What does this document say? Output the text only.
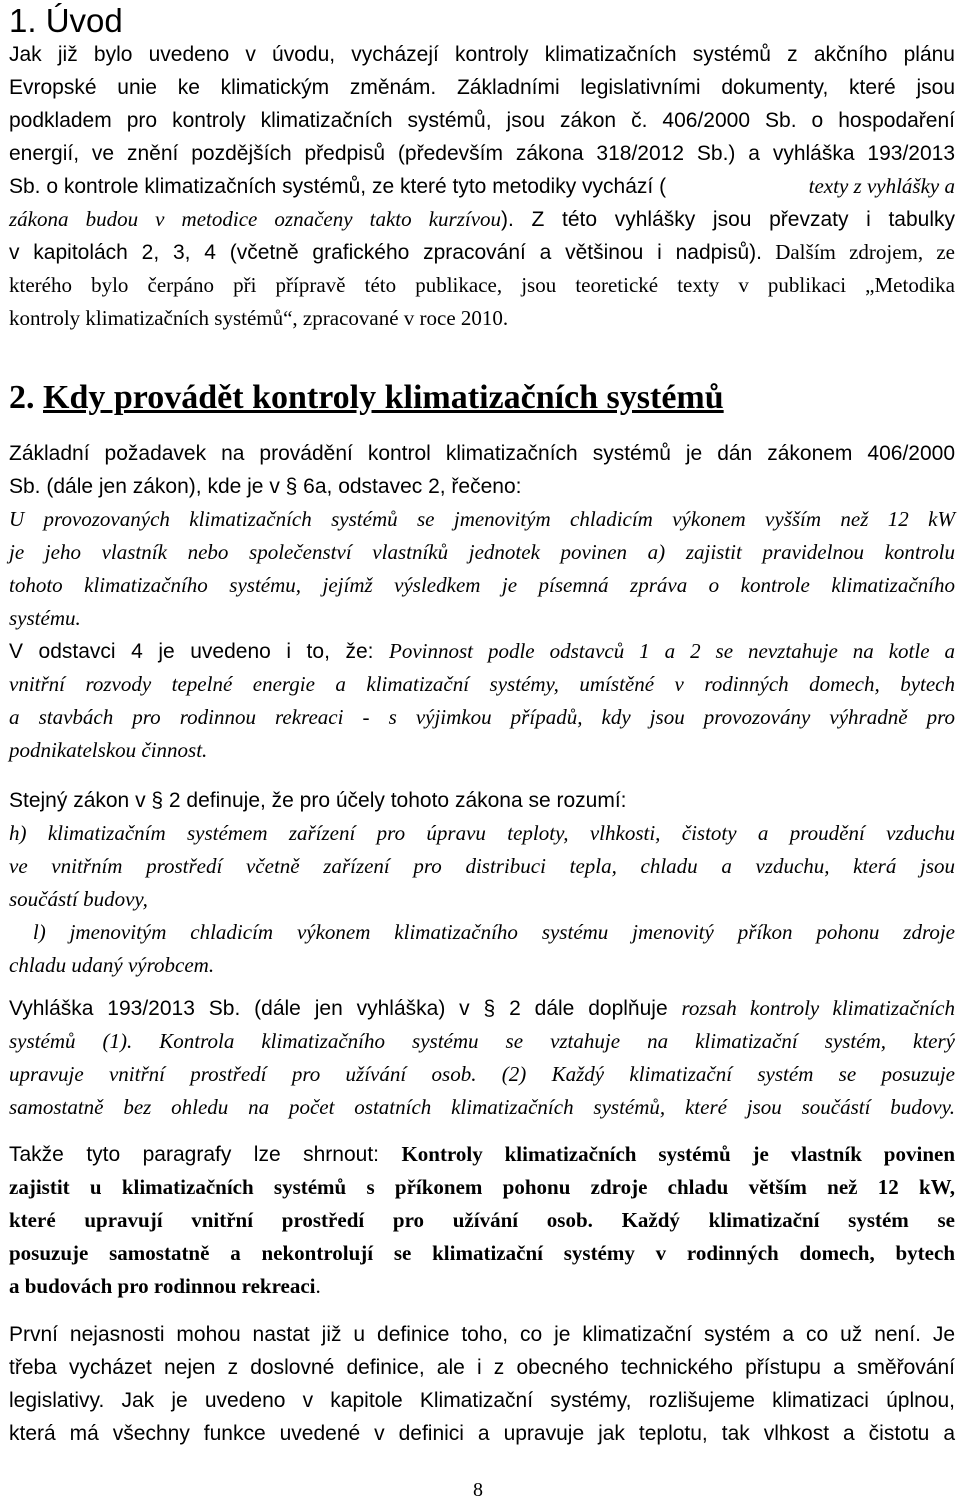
1. Úvod
Jak již bylo uvedeno v úvodu, vycházejí kontroly klimatizačních systémů z akčního plánu
Evropské unie ke klimatickým změnám. Základními legislativními dokumenty, které jsou
podkladem pro kontroly klimatizačních systémů, jsou zákon č. 406/2000 Sb. o hospodaření
energií, ve znění pozdějších předpisů (především zákona 318/2012 Sb.) a vyhláška 193/2013
Sb. o kontrole klimatizačních systémů, ze které tyto metodiky vychází (	texty z vyhlášky a
zákona budou v metodice označeny takto kurzívou). Z této vyhlášky jsou převzaty i tabulky
v kapitolách 2, 3, 4 (včetně grafického zpracování a většinou i nadpisů). Dalším zdrojem, ze
kterého bylo čerpáno při přípravě této publikace, jsou teoretické texty v publikaci „Metodika
kontroly klimatizačních systémů“, zpracované v roce 2010.
2. Kdy provádět kontroly klimatizačních systémů
Základní požadavek na provádění kontrol klimatizačních systémů je dán zákonem 406/2000
Sb. (dále jen zákon), kde je v § 6a, odstavec 2, řečeno:
U provozovaných klimatizačních systémů se jmenovitým chladicím výkonem vyšším než 12 kW
je jeho vlastník nebo společenství vlastníků jednotek povinen a) zajistit pravidelnou kontrolu
tohoto klimatizačního systému, jejímž výsledkem je písemná zpráva o kontrole klimatizačního
systému.
V odstavci 4 je uvedeno i to, že: Povinnost podle odstavců 1 a 2 se nevztahuje na kotle a
vnitřní rozvody tepelné energie a klimatizační systémy, umístěné v rodinných domech, bytech
a stavbách pro rodinnou rekreaci - s výjimkou případů, kdy jsou provozovány výhradně pro
podnikatelskou činnost.
Stejný zákon v § 2 definuje, že pro účely tohoto zákona se rozumí:
h) klimatizačním systémem zařízení pro úpravu teploty, vlhkosti, čistoty a proudění vzduchu
ve vnitřním prostředí včetně zařízení pro distribuci tepla, chladu a vzduchu, která jsou
součástí budovy,
l) jmenovitým chladicím výkonem klimatizačního systému jmenovitý příkon pohonu zdroje
chladu udaný výrobcem.
Vyhláška 193/2013 Sb. (dále jen vyhláška) v § 2 dále doplňuje rozsah kontroly klimatizačních
systémů (1). Kontrola klimatizačního systému se vztahuje na klimatizační systém, který
upravuje vnitřní prostředí pro užívání osob. (2) Každý klimatizační systém se posuzuje
samostatně bez ohledu na počet ostatních klimatizačních systémů, které jsou součástí budovy.
Takže tyto paragrafy lze shrnout: Kontroly klimatizačních systémů je vlastník povinen
zajistit u klimatizačních systémů s příkonem pohonu zdroje chladu větším než 12 kW,
které upravují vnitřní prostředí pro užívání osob. Každý klimatizační systém se
posuzuje samostatně a nekontrolují se klimatizační systémy v rodinných domech, bytech
a budovách pro rodinnou rekreaci.
První nejasnosti mohou nastat již u definice toho, co je klimatizační systém a co už není. Je
třeba vycházet nejen z doslovné definice, ale i z obecného technického přístupu a směřování
legislativy. Jak je uvedeno v kapitole Klimatizační systémy, rozlišujeme klimatizaci úplnou,
která má všechny funkce uvedené v definici a upravuje jak teplotu, tak vlhkost a čistotu a
8
